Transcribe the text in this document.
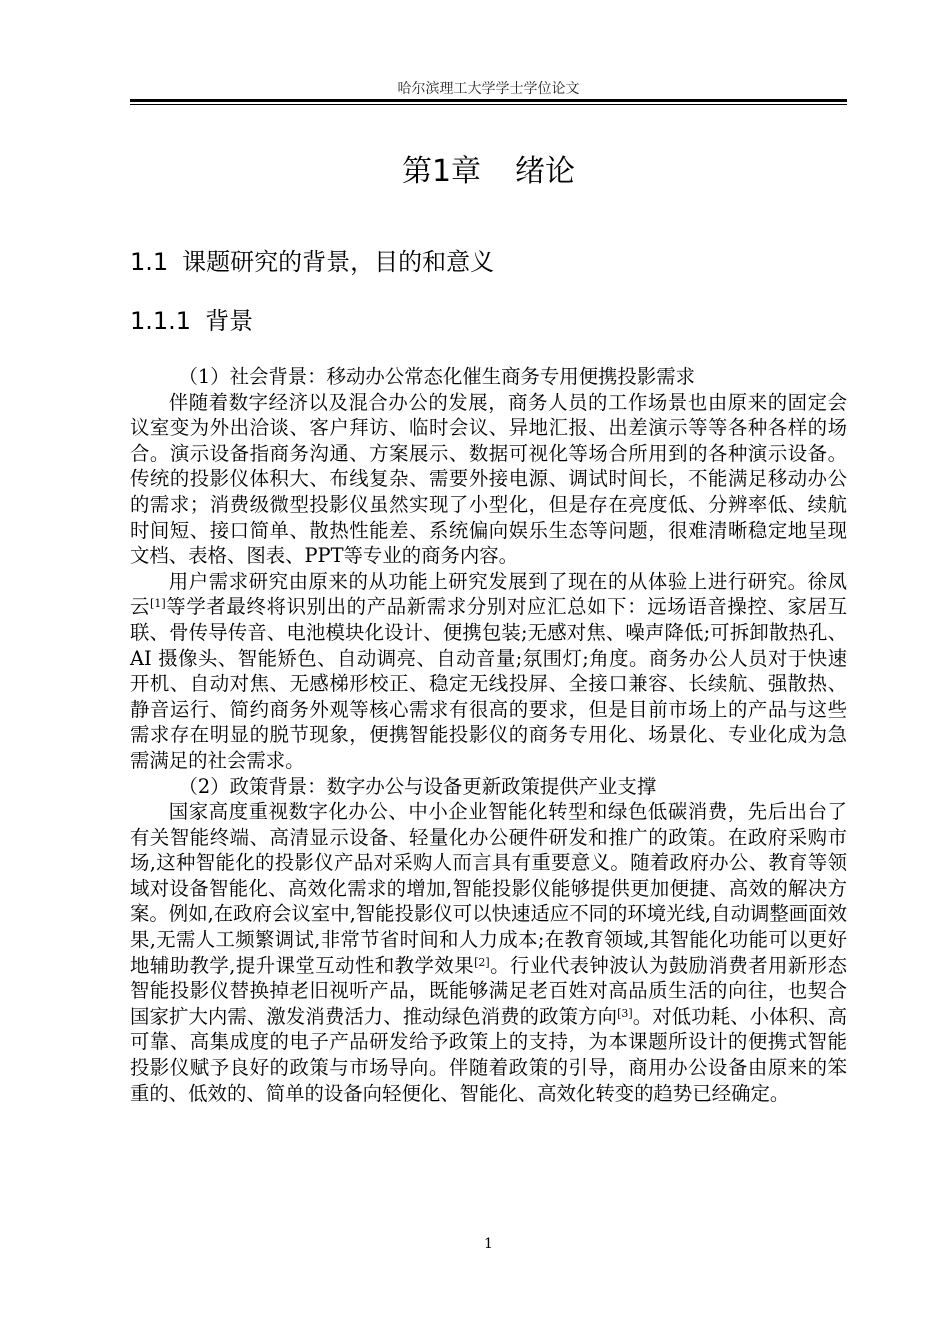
哈尔滨理工大学学士学位论文
第1章 绪论
1.1 课题研究的背景，目的和意义
1.1.1 背景

（1）社会背景：移动办公常态化催生商务专用便携投影需求

伴随着数字经济以及混合办公的发展，商务人员的工作场景也由原来的固定会议室变为外出洽谈、客户拜访、临时会议、异地汇报、出差演示等等各种各样的场合。演示设备指商务沟通、方案展示、数据可视化等场合所用到的各种演示设备。传统的投影仪体积大、布线复杂、需要外接电源、调试时间长，不能满足移动办公的需求；消费级微型投影仪虽然实现了小型化，但是存在亮度低、分辨率低、续航时间短、接口简单、散热性能差、系统偏向娱乐生态等问题，很难清晰稳定地呈现文档、表格、图表、PPT等专业的商务内容。

用户需求研究由原来的从功能上研究发展到了现在的从体验上进行研究。徐凤云[1]等学者最终将识别出的产品新需求分别对应汇总如下：远场语音操控、家居互联、骨传导传音、电池模块化设计、便携包装;无感对焦、噪声降低;可拆卸散热孔、AI 摄像头、智能矫色、自动调亮、自动音量;氛围灯;角度。商务办公人员对于快速开机、自动对焦、无感梯形校正、稳定无线投屏、全接口兼容、长续航、强散热、静音运行、简约商务外观等核心需求有很高的要求，但是目前市场上的产品与这些需求存在明显的脱节现象，便携智能投影仪的商务专用化、场景化、专业化成为急需满足的社会需求。

（2）政策背景：数字办公与设备更新政策提供产业支撑

国家高度重视数字化办公、中小企业智能化转型和绿色低碳消费，先后出台了有关智能终端、高清显示设备、轻量化办公硬件研发和推广的政策。在政府采购市场,这种智能化的投影仪产品对采购人而言具有重要意义。随着政府办公、教育等领域对设备智能化、高效化需求的增加,智能投影仪能够提供更加便捷、高效的解决方案。例如,在政府会议室中,智能投影仪可以快速适应不同的环境光线,自动调整画面效果,无需人工频繁调试,非常节省时间和人力成本;在教育领域,其智能化功能可以更好地辅助教学,提升课堂互动性和教学效果[2]。行业代表钟波认为鼓励消费者用新形态智能投影仪替换掉老旧视听产品，既能够满足老百姓对高品质生活的向往，也契合国家扩大内需、激发消费活力、推动绿色消费的政策方向[3]。对低功耗、小体积、高可靠、高集成度的电子产品研发给予政策上的支持，为本课题所设计的便携式智能投影仪赋予良好的政策与市场导向。伴随着政策的引导，商用办公设备由原来的笨重的、低效的、简单的设备向轻便化、智能化、高效化转变的趋势已经确定。

1
